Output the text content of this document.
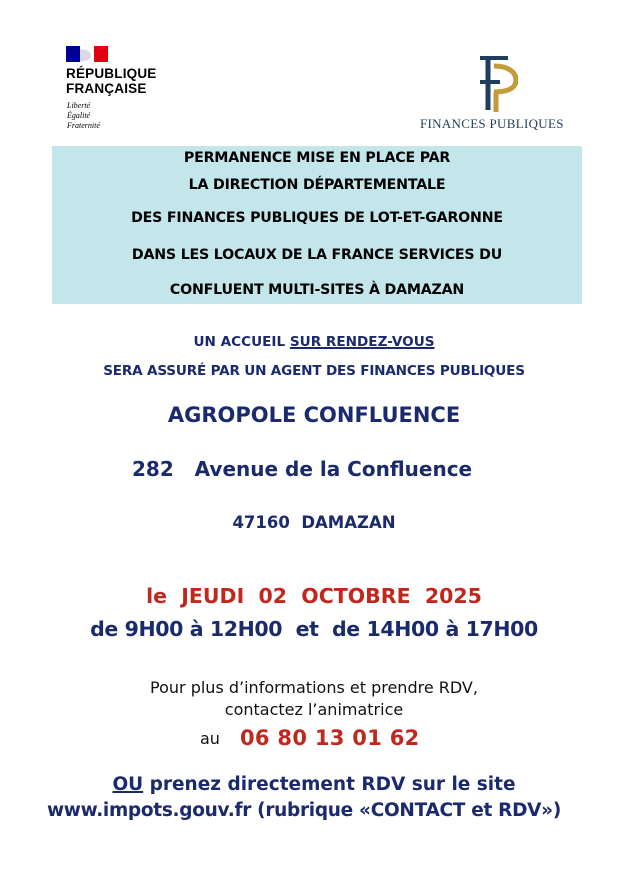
RÉPUBLIQUE
FRANÇAISE
Liberté
Égalité
Fraternité	FINANCES PUBLIQUES
PERMANENCE MISE EN PLACE PAR
LA DIRECTION DÉPARTEMENTALE
DES FINANCES PUBLIQUES DE LOT-ET-GARONNE
DANS LES LOCAUX DE LA FRANCE SERVICES DU
CONFLUENT MULTI-SITES À DAMAZAN
UN ACCUEIL SUR RENDEZ-VOUS
SERA ASSURÉ PAR UN AGENT DES FINANCES PUBLIQUES
AGROPOLE CONFLUENCE
282   Avenue de la Confluence
47160  DAMAZAN
le  JEUDI  02  OCTOBRE  2025
de 9H00 à 12H00  et  de 14H00 à 17H00
Pour plus d’informations et prendre RDV,
contactez l’animatrice
au 06 80 13 01 62
OU prenez directement RDV sur le site
www.impots.gouv.fr (rubrique «CONTACT et RDV»)
